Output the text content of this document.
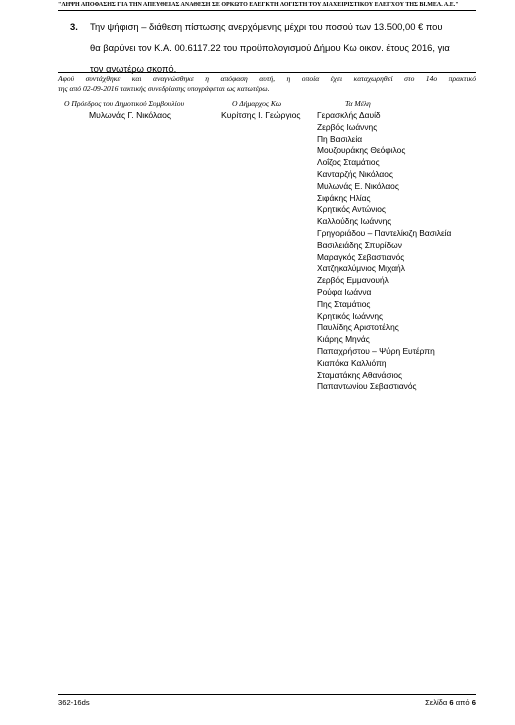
"ΛΗΨΗ ΑΠΟΦΑΣΗΣ ΓΙΑ ΤΗΝ ΑΠΕΥΘΕΙΑΣ ΑΝΑΘΕΣΗ ΣΕ ΟΡΚΩΤΟ ΕΛΕΓΚΤΗ ΛΟΓΙΣΤΗ ΤΟΥ ΔΙΑΧΕΙΡΙΣΤΙΚΟΥ ΕΛΕΓΧΟΥ ΤΗΣ ΒΙ.ΜΕΛ. Α.Ε."
3. Την ψήφιση – διάθεση πίστωσης ανερχόμενης μέχρι του ποσού των 13.500,00 € που
θα βαρύνει τον Κ.Α. 00.6117.22 του προϋπολογισμού Δήμου Κω οικον. έτους 2016, για
τον ανωτέρω σκοπό.
Αφού συντάχθηκε και αναγνώσθηκε η απόφαση αυτή, η οποία έχει καταχωρηθεί στο 14ο πρακτικό
της από 02-09-2016 τακτικής συνεδρίασης υπογράφεται ως κατωτέρω.
Ο Πρόεδρος του Δημοτικού Συμβουλίου
Μυλωνάς Γ. Νικόλαος
Ο Δήμαρχος Κω
Κυρίτσης Ι. Γεώργιος
Τα Μέλη
Γερασκλής Δαυίδ
Ζερβός Ιωάννης
Πη Βασιλεία
Μουζουράκης Θεόφιλος
Λοΐζος Σταμάτιος
Κανταρζής Νικόλαος
Μυλωνάς Ε. Νικόλαος
Σιφάκης Ηλίας
Κρητικός Αντώνιος
Καλλούδης Ιωάννης
Γρηγοριάδου – Παντελίκιζη Βασιλεία
Βασιλειάδης Σπυρίδων
Μαραγκός Σεβαστιανός
Χατζηκαλύμνιος Μιχαήλ
Ζερβός Εμμανουήλ
Ρούφα Ιωάννα
Πης Σταμάτιος
Κρητικός Ιωάννης
Παυλίδης Αριστοτέλης
Κιάρης Μηνάς
Παπαχρήστου – Ψύρη Ευτέρπη
Κιαπόκα Καλλιόπη
Σταματάκης Αθανάσιος
Παπαντωνίου Σεβαστιανός
362-16ds	Σελίδα 6 από 6
